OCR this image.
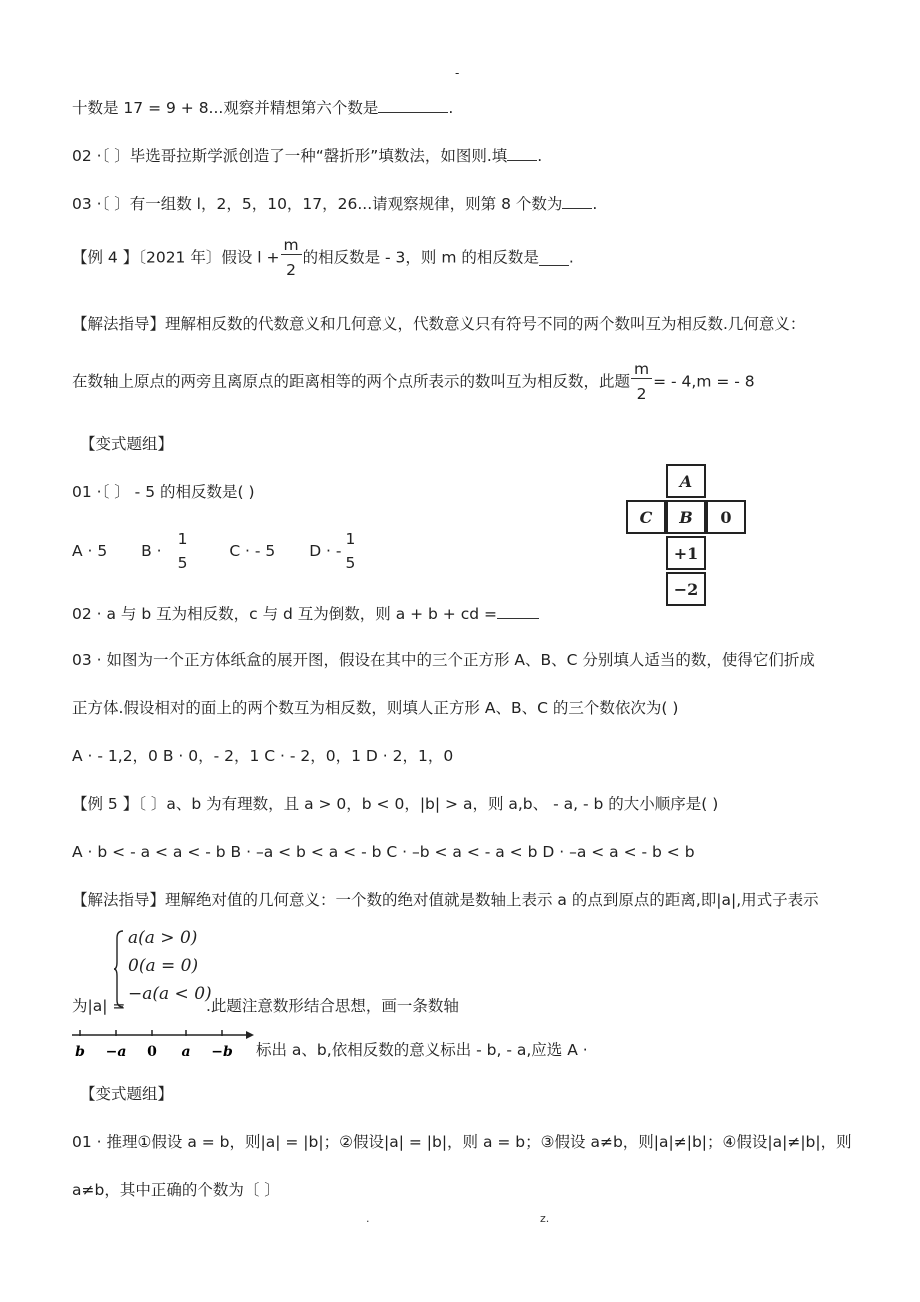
-
十数是 17 = 9 + 8...观察并精想第六个数是	.
02 ·〔 〕毕选哥拉斯学派创造了一种“罄折形”填数法，如图则.填 .
03 ·〔 〕有一组数 l，2，5，10，17，26...请观察规律，则第 8 个数为 .
【例 4 】〔2021 年〕假设 $l + \frac{m}{2}$ 的相反数是 - 3，则 m 的相反数是 .
【解法指导】理解相反数的代数意义和几何意义，代数意义只有符号不同的两个数叫互为相反数.几何意义：
在数轴上原点的两旁且离原点的距离相等的两个点所表示的数叫互为相反数，此题 $\frac{m}{2}$ = - 4,m = - 8
【变式题组】
01 ·〔 〕 - 5 的相反数是( )
A · 5 B ·
1
5
C · - 5 D · -
1
5
02 · a 与 b 互为相反数，c 与 d 互为倒数，则 a + b + cd =
A
C	B	0
+1
−2
03 · 如图为一个正方体纸盒的展开图，假设在其中的三个正方形 A、B、C 分别填人适当的数，使得它们折成
正方体.假设相对的面上的两个数互为相反数，则填人正方形 A、B、C 的三个数依次为( )
A · - 1,2，0 B · 0，- 2，1 C · - 2，0，1 D · 2，1，0
【例 5 】〔 〕a、b 为有理数，且 a > 0，b < 0，|b| > a，则 a,b、 - a, - b 的大小顺序是( )
A · b < - a < a < - b B · –a < b < a < - b C · –b < a < - a < b D · –a < a < - b < b
【解法指导】理解绝对值的几何意义：一个数的绝对值就是数轴上表示 a 的点到原点的距离,即|a|,用式子表示
a(a > 0)
0(a = 0)
−a(a < 0)
为|a| =	.此题注意数形结合思想，画一条数轴
b −a 0 a −b 标出 a、b,依相反数的意义标出 - b, - a,应选 A ·
【变式题组】
01 · 推理①假设 a = b，则|a| = |b|；②假设|a| = |b|，则 a = b；③假设 a≠b，则|a|≠|b|；④假设|a|≠|b|，则
a≠b，其中正确的个数为〔 〕
.	z.
